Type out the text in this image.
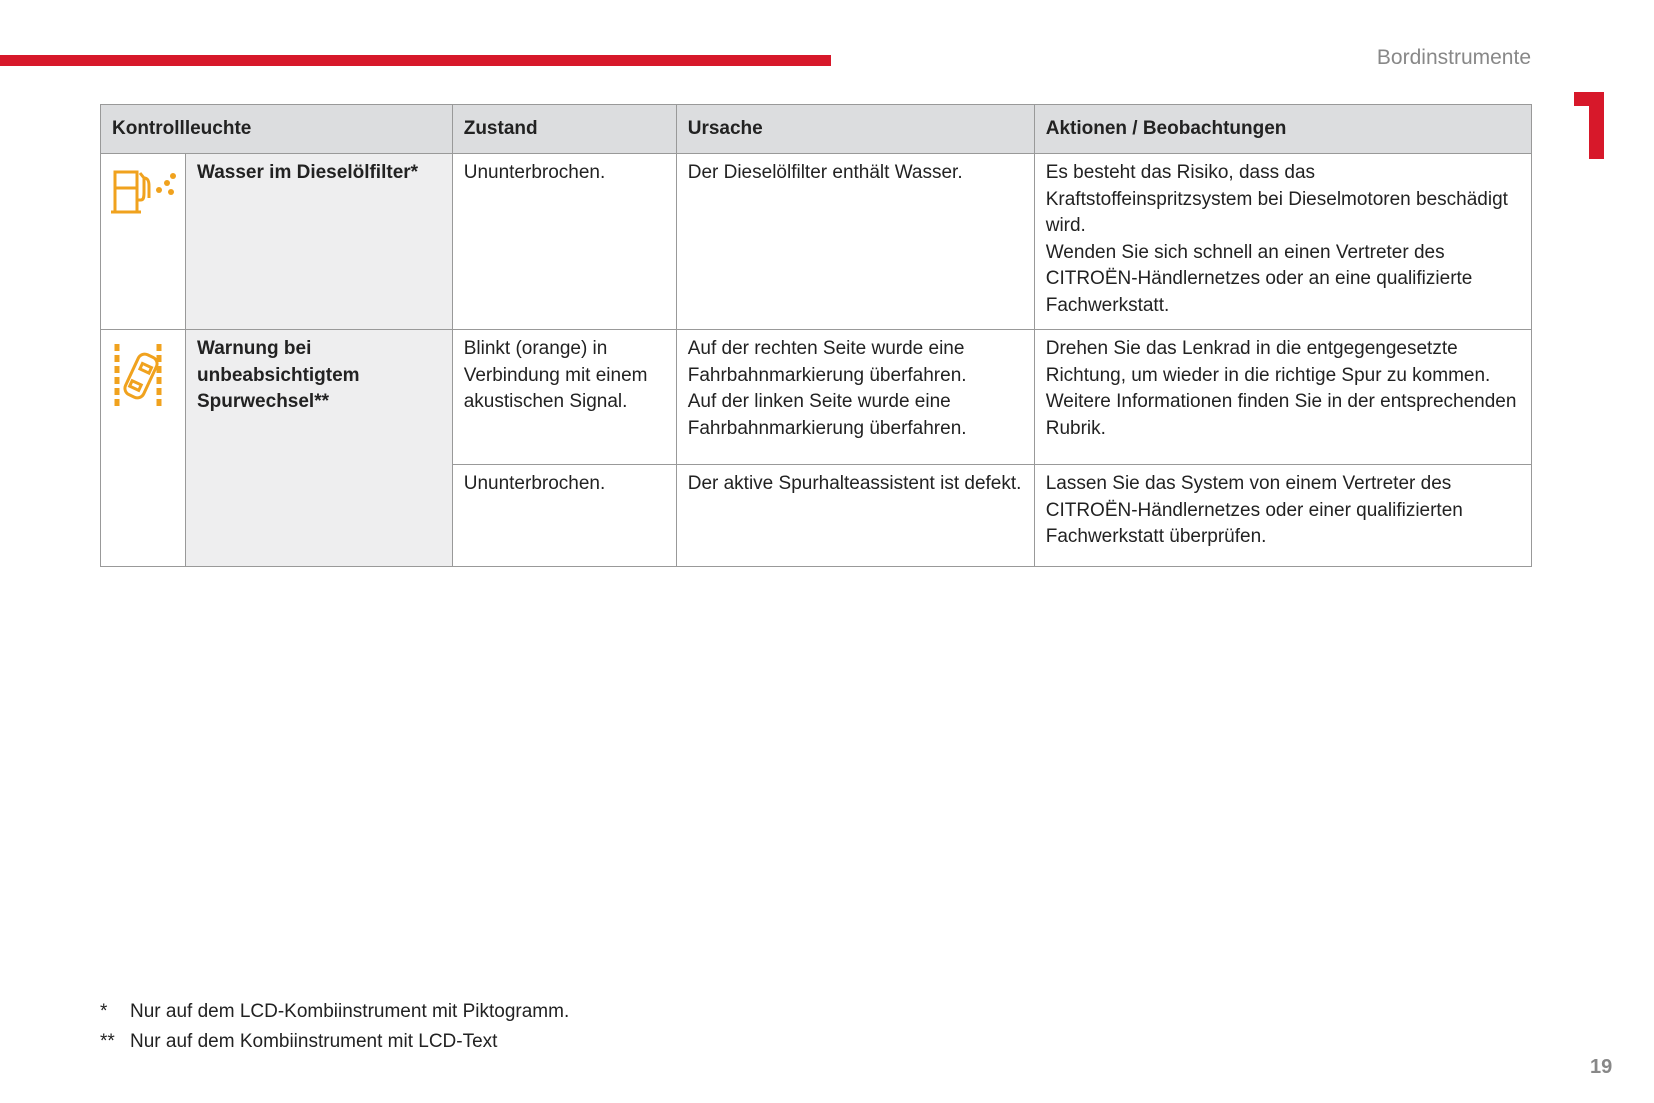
Bordinstrumente
Kontrollleuchte		Zustand	Ursache	Aktionen / Beobachtungen
	Wasser im Dieselölfilter*	Ununterbrochen.	Der Dieselölfilter enthält Wasser.	Es besteht das Risiko, dass das Kraftstoffeinspritzsystem bei Dieselmotoren beschädigt wird.
Wenden Sie sich schnell an einen Vertreter des CITROËN-Händlernetzes oder an eine qualifizierte Fachwerkstatt.
	Warnung bei unbeabsichtigtem Spurwechsel**	Blinkt (orange) in Verbindung mit einem akustischen Signal.	Auf der rechten Seite wurde eine Fahrbahnmarkierung überfahren.
Auf der linken Seite wurde eine Fahrbahnmarkierung überfahren.	Drehen Sie das Lenkrad in die entgegengesetzte Richtung, um wieder in die richtige Spur zu kommen.
Weitere Informationen finden Sie in der entsprechenden Rubrik.
		Ununterbrochen.	Der aktive Spurhalteassistent ist defekt.	Lassen Sie das System von einem Vertreter des CITROËN-Händlernetzes oder einer qualifizierten Fachwerkstatt überprüfen.
* Nur auf dem LCD-Kombiinstrument mit Piktogramm.
** Nur auf dem Kombiinstrument mit LCD-Text
19
